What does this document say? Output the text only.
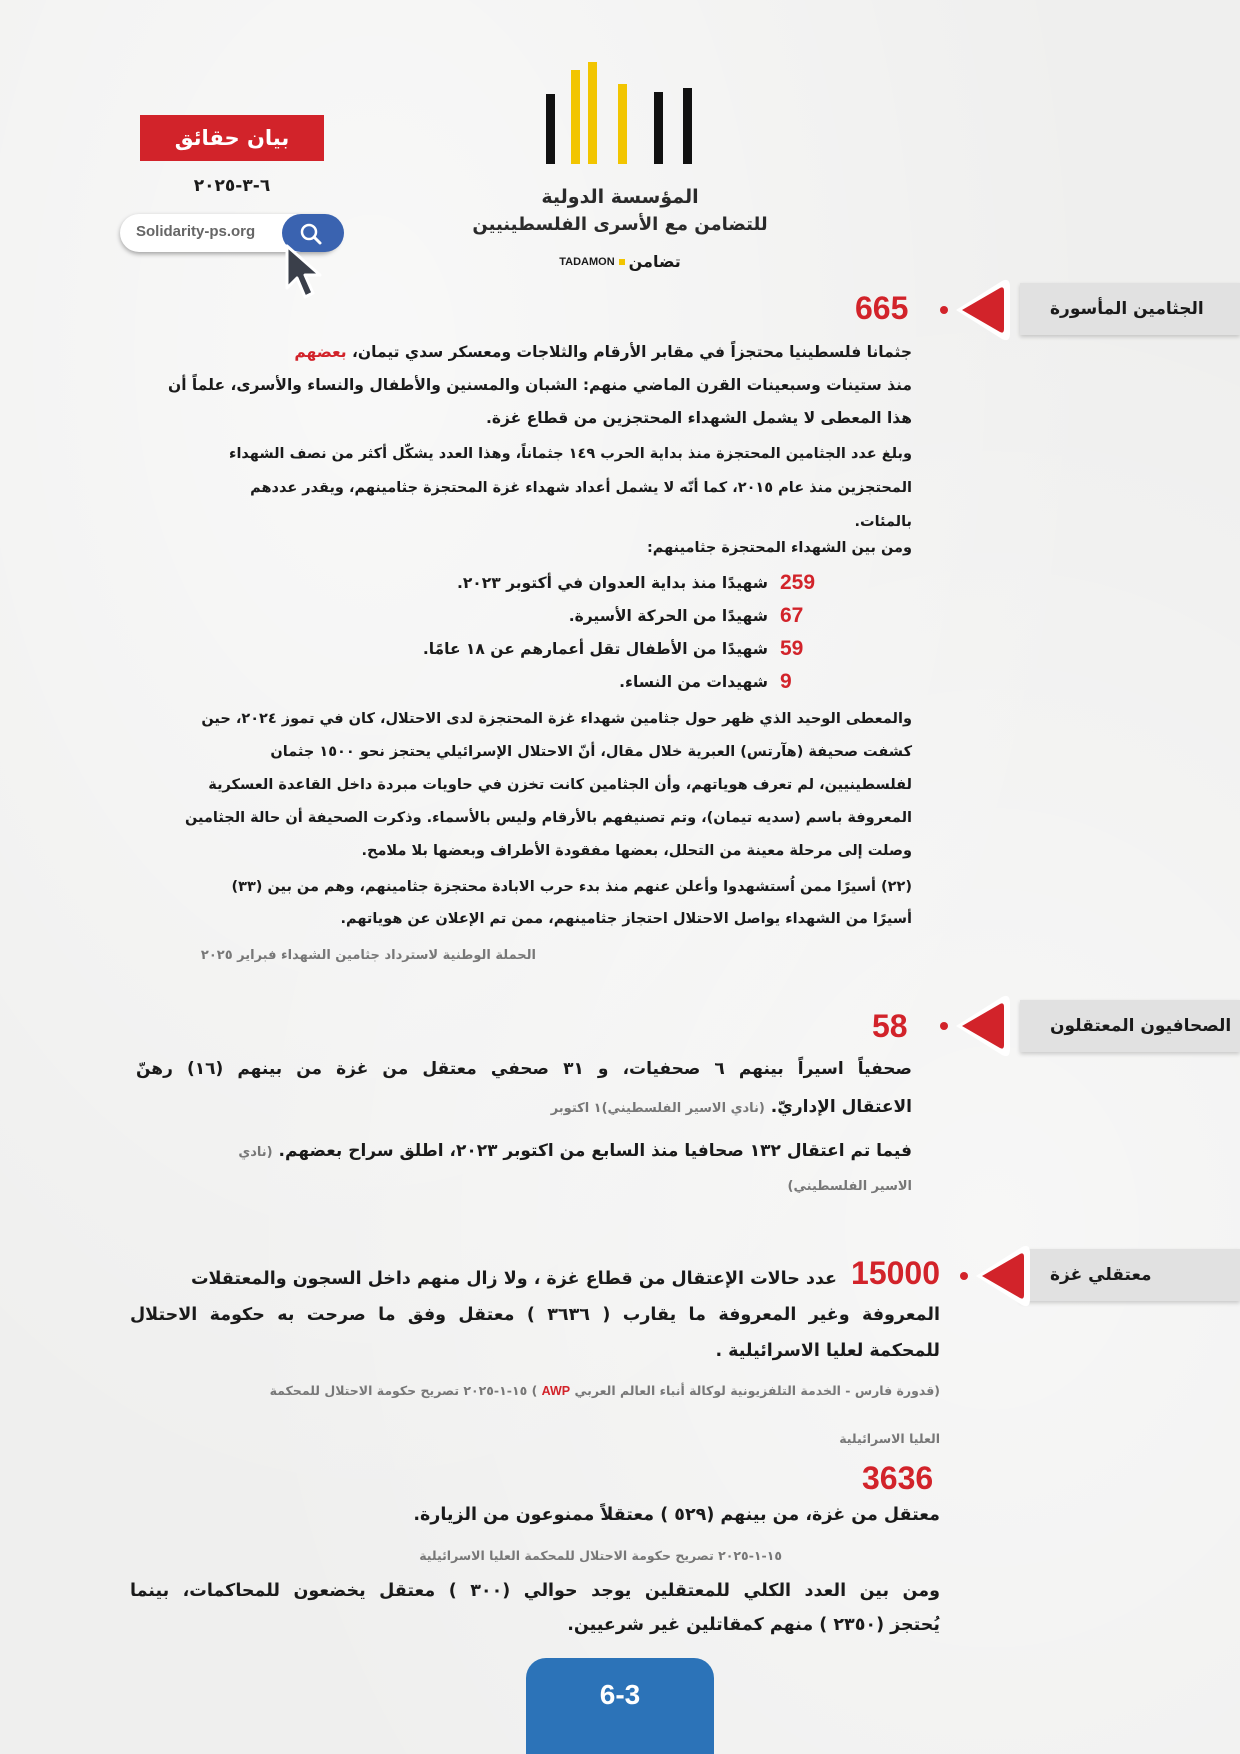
المؤسسة الدولية
للتضامن مع الأسرى الفلسطينيين
TADAMON تضامن
بيان حقائق
٦-٣-٢٠٢٥
Solidarity-ps.org
الجثامين المأسورة
665
جثمانا فلسطينيا محتجزاً في مقابر الأرقام والثلاجات ومعسكر سدي تيمان، بعضهم
منذ ستينات وسبعينات القرن الماضي منهم: الشبان والمسنين والأطفال والنساء والأسرى، علماً أن
هذا المعطى لا يشمل الشهداء المحتجزين من قطاع غزة.
وبلغ عدد الجثامين المحتجزة منذ بداية الحرب ١٤٩ جثماناً، وهذا العدد يشكّل أكثر من نصف الشهداء
المحتجزين منذ عام ٢٠١٥، كما أنّه لا يشمل أعداد شهداء غزة المحتجزة جثامينهم، ويقدر عددهم
بالمئات.
ومن بين الشهداء المحتجزة جثامينهم:
259
شهيدًا منذ بداية العدوان في أكتوبر ٢٠٢٣.
67
شهيدًا من الحركة الأسيرة.
59
شهيدًا من الأطفال تقل أعمارهم عن ١٨ عامًا.
9
شهيدات من النساء.
والمعطى الوحيد الذي ظهر حول جثامين شهداء غزة المحتجزة لدى الاحتلال، كان في تموز ٢٠٢٤، حين
كشفت صحيفة (هآرتس) العبرية خلال مقال، أنّ الاحتلال الإسرائيلي يحتجز نحو ١٥٠٠ جثمان
لفلسطينيين، لم تعرف هوياتهم، وأن الجثامين كانت تخزن في حاويات مبردة داخل القاعدة العسكرية
المعروفة باسم (سديه تيمان)، وتم تصنيفهم بالأرقام وليس بالأسماء. وذكرت الصحيفة أن حالة الجثامين
وصلت إلى مرحلة معينة من التحلل، بعضها مفقودة الأطراف وبعضها بلا ملامح.
(٢٢) أسيرًا ممن اُستشهدوا وأعلن عنهم منذ بدء حرب الابادة محتجزة جثامينهم، وهم من بين (٣٣)
أسيرًا من الشهداء يواصل الاحتلال احتجاز جثامينهم، ممن تم الإعلان عن هوياتهم.
الحملة الوطنية لاسترداد جثامين الشهداء فبراير ٢٠٢٥
الصحافيون المعتقلون
58
صحفياً اسيراً بينهم ٦ صحفيات، و ٣١ صحفي معتقل من غزة من بينهم (١٦) رهنّ
الاعتقال الإداريّ. (نادي الاسير الفلسطيني)١ اكتوبر
فيما تم اعتقال ١٣٢ صحافيا منذ السابع من اكتوبر ٢٠٢٣، اطلق سراح بعضهم. (نادي
الاسير الفلسطيني)
معتقلي غزة
15000
عدد حالات الإعتقال من قطاع غزة ، ولا زال منهم داخل السجون والمعتقلات
المعروفة وغير المعروفة ما يقارب ( ٣٦٣٦ ) معتقل وفق ما صرحت به حكومة الاحتلال
للمحكمة لعليا الاسرائيلية .
(قدورة فارس - الخدمة التلفزيونية لوكالة أنباء العالم العربي AWP ) ١٥-١-٢٠٢٥ تصريح حكومة الاحتلال للمحكمة
العليا الاسرائيلية
3636
معتقل من غزة، من بينهم (٥٢٩ ) معتقلاً ممنوعون من الزيارة.
١٥-١-٢٠٢٥ تصريح حكومة الاحتلال للمحكمة العليا الاسرائيلية
ومن بين العدد الكلي للمعتقلين يوجد حوالي (٣٠٠ ) معتقل يخضعون للمحاكمات، بينما
يُحتجز (٢٣٥٠ ) منهم كمقاتلين غير شرعيين.
6-3
